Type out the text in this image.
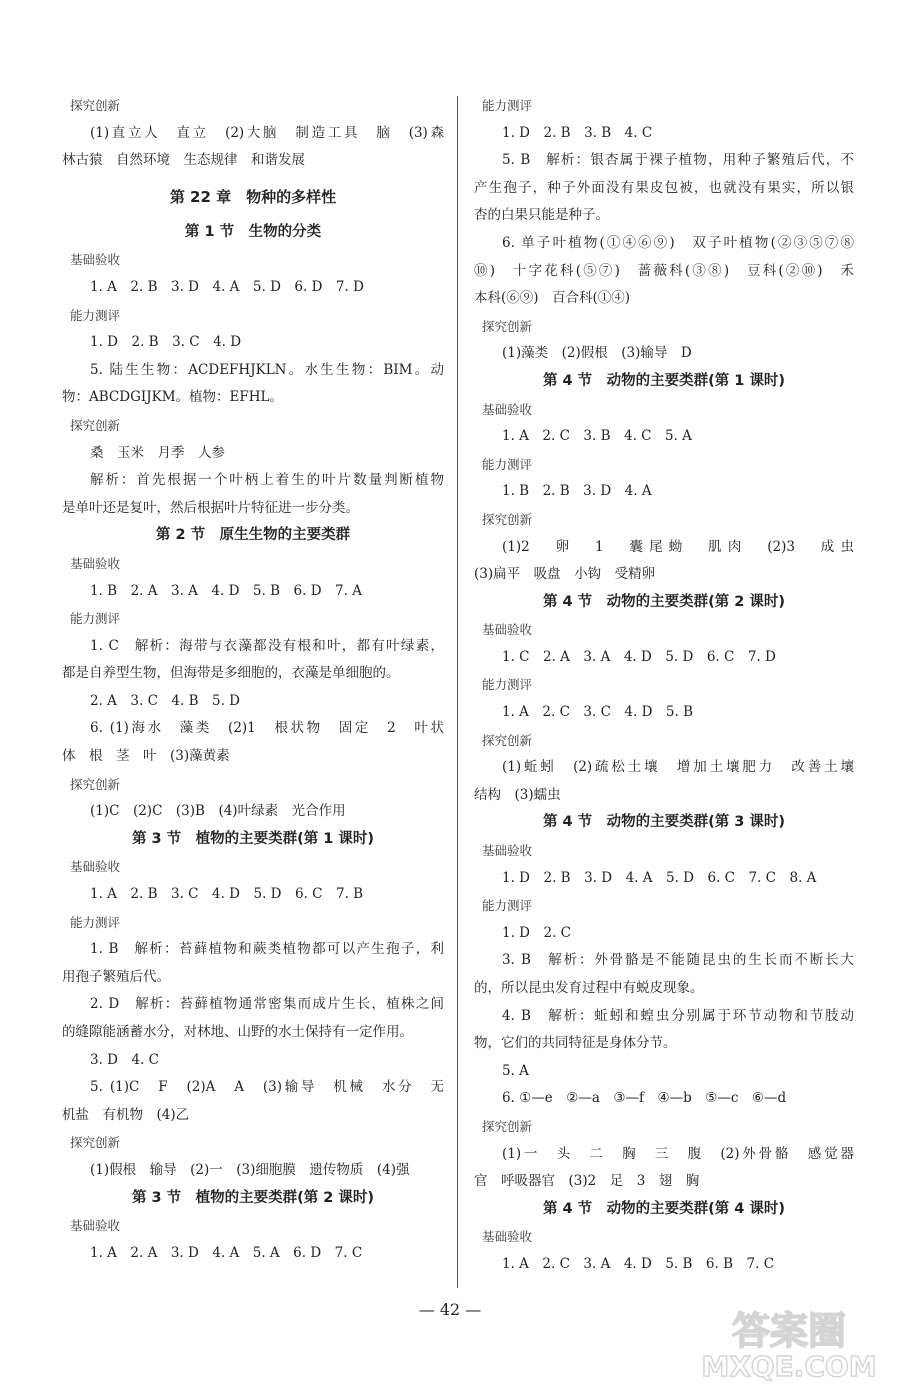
探究创新
(1)直立人　直立　(2)大脑　制造工具　脑　(3)森
林古猿　自然环境　生态规律　和谐发展
第 22 章　物种的多样性
第 1 节　生物的分类
基础验收
1. A　2. B　3. D　4. A　5. D　6. D　7. D
能力测评
1. D　2. B　3. C　4. D
5. 陆生生物：ACDEFHJKLN。水生生物：BIM。动
物：ABCDGIJKM。植物：EFHL。
探究创新
桑　玉米　月季　人参
解析：首先根据一个叶柄上着生的叶片数量判断植物
是单叶还是复叶，然后根据叶片特征进一步分类。
第 2 节　原生生物的主要类群
基础验收
1. B　2. A　3. A　4. D　5. B　6. D　7. A
能力测评
1. C　解析：海带与衣藻都没有根和叶，都有叶绿素，
都是自养型生物，但海带是多细胞的，衣藻是单细胞的。
2. A　3. C　4. B　5. D
6. (1)海水　藻类　(2)1　根状物　固定　2　叶状
体　根　茎　叶　(3)藻黄素
探究创新
(1)C　(2)C　(3)B　(4)叶绿素　光合作用
第 3 节　植物的主要类群(第 1 课时)
基础验收
1. A　2. B　3. C　4. D　5. D　6. C　7. B
能力测评
1. B　解析：苔藓植物和蕨类植物都可以产生孢子，利
用孢子繁殖后代。
2. D　解析：苔藓植物通常密集而成片生长，植株之间
的缝隙能涵蓄水分，对林地、山野的水土保持有一定作用。
3. D　4. C
5. (1)C　F　(2)A　A　(3)输导　机械　水分　无
机盐　有机物　(4)乙
探究创新
(1)假根　输导　(2)一　(3)细胞膜　遗传物质　(4)强
第 3 节　植物的主要类群(第 2 课时)
基础验收
1. A　2. A　3. D　4. A　5. A　6. D　7. C
能力测评
1. D　2. B　3. B　4. C
5. B　解析：银杏属于裸子植物，用种子繁殖后代，不
产生孢子，种子外面没有果皮包被，也就没有果实，所以银
杏的白果只能是种子。
6. 单子叶植物(①④⑥⑨)　双子叶植物(②③⑤⑦⑧
⑩)　十字花科(⑤⑦)　蔷薇科(③⑧)　豆科(②⑩)　禾
本科(⑥⑨)　百合科(①④)
探究创新
(1)藻类　(2)假根　(3)输导　D
第 4 节　动物的主要类群(第 1 课时)
基础验收
1. A　2. C　3. B　4. C　5. A
能力测评
1. B　2. B　3. D　4. A
探究创新
(1)2　卵　1　囊尾蚴　肌肉　(2)3　成虫
(3)扁平　吸盘　小钩　受精卵
第 4 节　动物的主要类群(第 2 课时)
基础验收
1. C　2. A　3. A　4. D　5. D　6. C　7. D
能力测评
1. A　2. C　3. C　4. D　5. B
探究创新
(1)蚯蚓　(2)疏松土壤　增加土壤肥力　改善土壤
结构　(3)蠕虫
第 4 节　动物的主要类群(第 3 课时)
基础验收
1. D　2. B　3. D　4. A　5. D　6. C　7. C　8. A
能力测评
1. D　2. C
3. B　解析：外骨骼是不能随昆虫的生长而不断长大
的，所以昆虫发育过程中有蜕皮现象。
4. B　解析：蚯蚓和蝗虫分别属于环节动物和节肢动
物，它们的共同特征是身体分节。
5. A
6. ①—e　②—a　③—f　④—b　⑤—c　⑥—d
探究创新
(1)一　头　二　胸　三　腹　(2)外骨骼　感觉器
官　呼吸器官　(3)2　足　3　翅　胸
第 4 节　动物的主要类群(第 4 课时)
基础验收
1. A　2. C　3. A　4. D　5. B　6. B　7. C
— 42 —	答案圈
MXQE.COM
